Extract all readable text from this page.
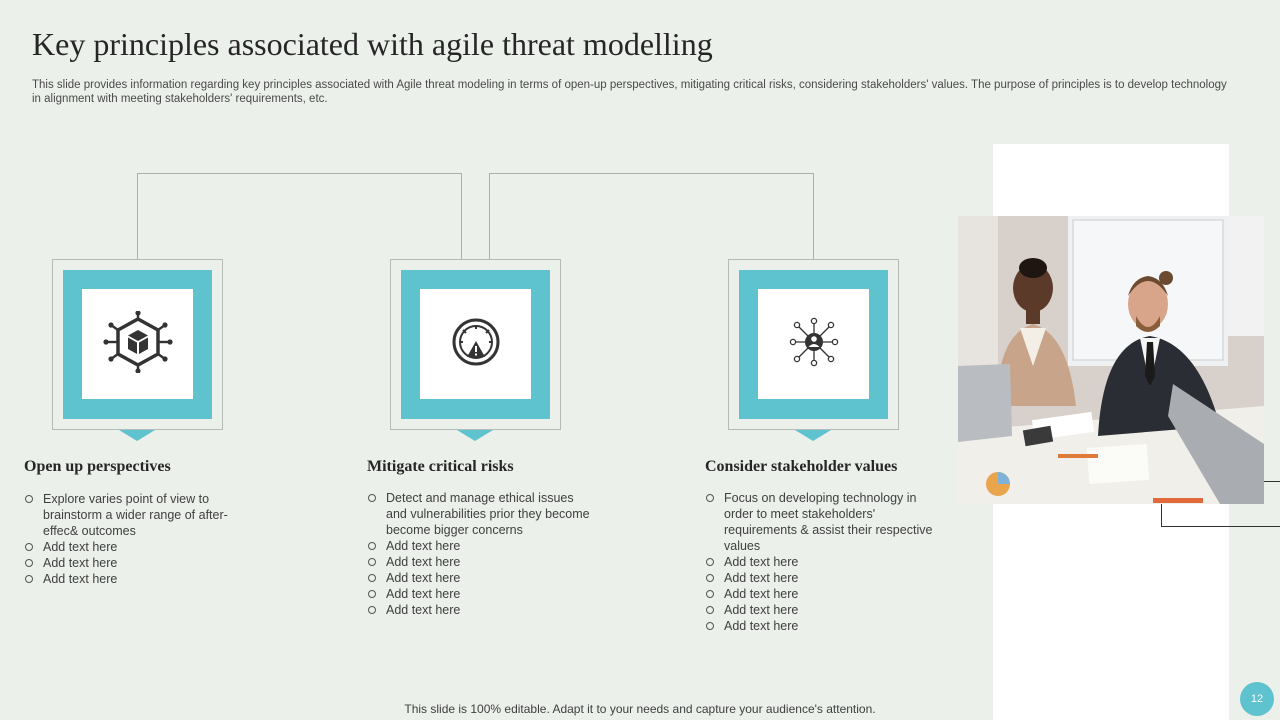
Key principles associated with agile threat modelling
This slide provides information regarding key principles associated with Agile threat modeling in terms of open-up perspectives, mitigating critical risks, considering stakeholders' values. The purpose of principles is to develop technology in alignment with meeting stakeholders' requirements, etc.
Open up perspectives
Explore varies point of view to brainstorm a wider range of after-effec& outcomes
Add text here
Add text here
Add text here
Mitigate critical risks
Detect and manage ethical issues and vulnerabilities prior they become become bigger concerns
Add text here
Add text here
Add text here
Add text here
Add text here
Consider stakeholder values
Focus on developing technology in order to meet stakeholders' requirements & assist their respective values
Add text here
Add text here
Add text here
Add text here
Add text here
This slide is 100% editable. Adapt it to your needs and capture your audience's attention.
12
